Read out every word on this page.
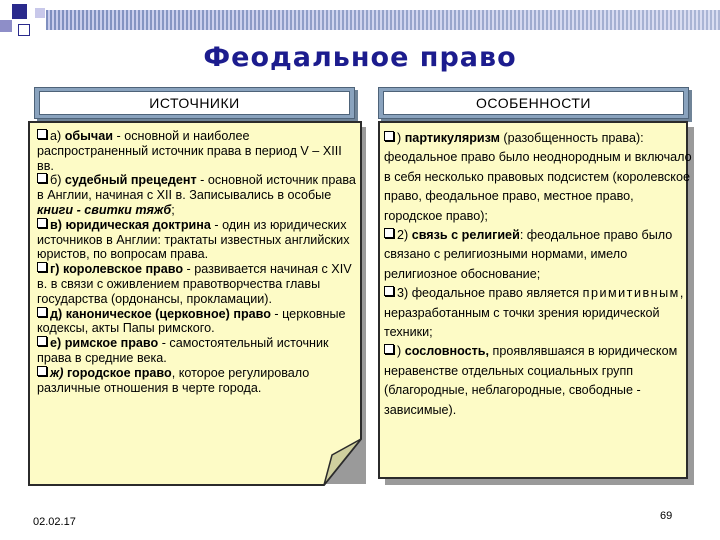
Феодальное право
ИСТОЧНИКИ	ОСОБЕННОСТИ
а) обычаи - основной и наиболее распространенный источник права в период V – XIII вв.
б) судебный прецедент - основной источник права в Англии, начиная с XII в. Записывались в особые книги - свитки тяжб;
в) юридическая доктрина - один из юридических источников в Англии: трактаты известных английских юристов, по вопросам права.
г) королевское право - развивается начиная с XIV в. в связи с оживлением правотворчества главы государства (ордонансы, прокламации).
д) каноническое (церковное) право - церковные кодексы, акты Папы римского.
е) римское право - самостоятельный источник права в средние века.
ж) городское право, которое регулировало различные отношения в черте города.
) партикуляризм (разобщенность права): феодальное право было неоднородным и включало в себя несколько правовых подсистем (королевское право, феодальное право, местное право, городское право);
2) связь с религией: феодальное право было связано с религиозными нормами, имело религиозное обоснование;
3) феодальное право является примитивным, неразработанным с точки зрения юридической техники;
) сословность, проявлявшаяся в юридическом неравенстве отдельных социальных групп (благородные, неблагородные, свободные - зависимые).
02.02.17	69
